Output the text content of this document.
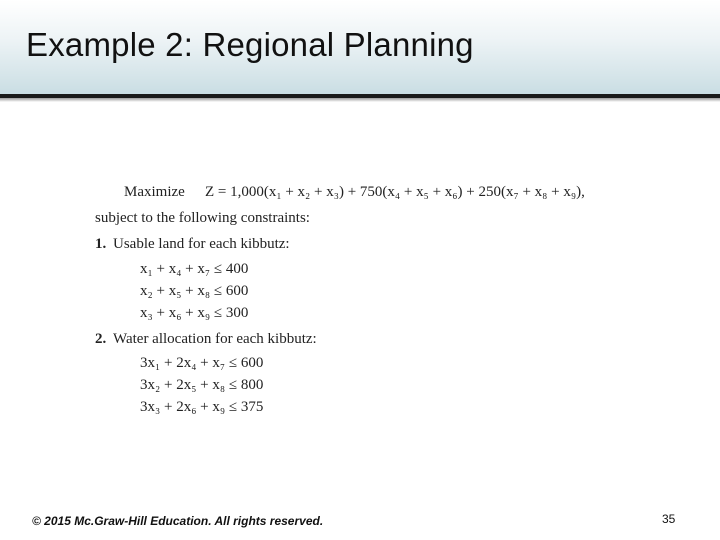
Example 2: Regional Planning
Maximize Z = 1,000(x₁ + x₂ + x₃) + 750(x₄ + x₅ + x₆) + 250(x₇ + x₈ + x₉),
subject to the following constraints:
1. Usable land for each kibbutz:
x₁ + x₄ + x₇ ≤ 400
x₂ + x₅ + x₈ ≤ 600
x₃ + x₆ + x₉ ≤ 300
2. Water allocation for each kibbutz:
3x₁ + 2x₄ + x₇ ≤ 600
3x₂ + 2x₅ + x₈ ≤ 800
3x₃ + 2x₆ + x₉ ≤ 375
© 2015 Mc.Graw-Hill Education. All rights reserved.	35
